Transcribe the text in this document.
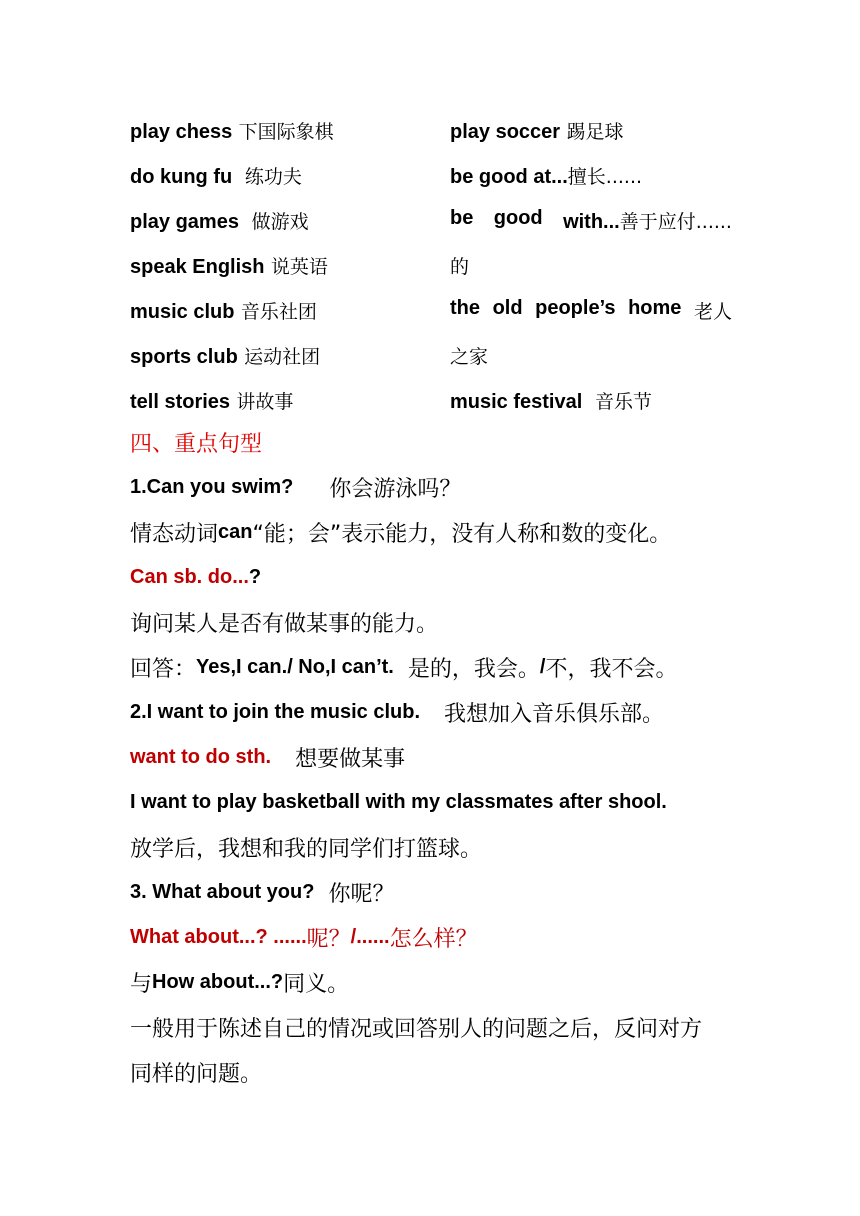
play chess 下国际象棋	play soccer 踢足球
do kung fu 练功夫	be good at...擅长......
play games 做游戏	be good with...善于应付......
speak English 说英语	的
music club 音乐社团	the old people’s home 老人
sports club 运动社团	之家
tell stories 讲故事	music festival 音乐节
四、重点句型
1.Can you swim? 你会游泳吗？
情态动词 can “能；会”表示能力，没有人称和数的变化。
Can sb. do... ?
询问某人是否有做某事的能力。
回答： Yes,I can./ No,I can’t.
是的，我会。 / 不，我不会。
2.I want to join the music club. 我想加入音乐俱乐部。
want to do sth. 想要做某事
I want to play basketball with my classmates after shool.
放学后，我想和我的同学们打篮球。
3. What about you?
你呢？
What about...? ...... 呢？ /...... 怎么样？
与 How about...? 同义。
一般用于陈述自己的情况或回答别人的问题之后，反问对方
同样的问题。
